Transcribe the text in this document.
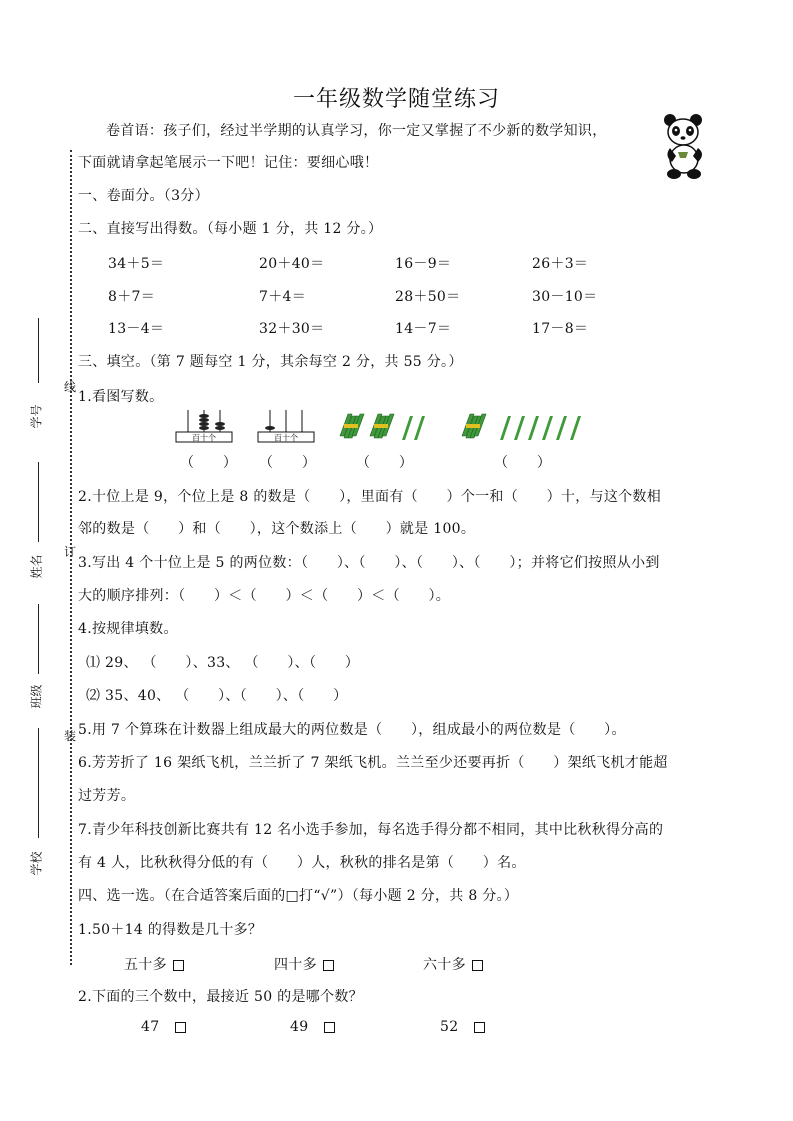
一年级数学随堂练习
卷首语：孩子们，经过半学期的认真学习，你一定又掌握了不少新的数学知识，
下面就请拿起笔展示一下吧！记住：要细心哦！
学号
姓名
班级
学校
线
订
装
一、卷面分。（3分）
二、直接写出得数。（每小题 1 分，共 12 分。）
34＋5＝	20＋40＝	16－9＝	26＋3＝
8＋7＝	7＋4＝	28＋50＝	30－10＝
13－4＝	32＋30＝	14－7＝	17－8＝
三、填空。（第 7 题每空 1 分，其余每空 2 分，共 55 分。）
1.看图写数。
百十个	百十个
（　　） （　　）	（　　）	（　　）
2.十位上是 9，个位上是 8 的数是（　　），里面有（　　）个一和（　　）十，与这个数相
邻的数是（　　）和（　　），这个数添上（　　）就是 100。
3.写出 4 个十位上是 5 的两位数：（　　）、（　　）、（　　）、（　　）；并将它们按照从小到
大的顺序排列：（　　）＜（　　）＜（　　）＜（　　）。
4.按规律填数。
⑴ 29、 （　　）、33、 （　　）、（　　）
⑵ 35、40、 （　　）、（　　）、（　　）
5.用 7 个算珠在计数器上组成最大的两位数是（　　），组成最小的两位数是（　　）。
6.芳芳折了 16 架纸飞机，兰兰折了 7 架纸飞机。兰兰至少还要再折（　　）架纸飞机才能超
过芳芳。
7.青少年科技创新比赛共有 12 名小选手参加，每名选手得分都不相同，其中比秋秋得分高的
有 4 人，比秋秋得分低的有（　　）人，秋秋的排名是第（　　）名。
四、选一选。（在合适答案后面的□打“√”）（每小题 2 分，共 8 分。）
1.50＋14 的得数是几十多？
五十多	四十多	六十多
2.下面的三个数中，最接近 50 的是哪个数？
47	49	52
